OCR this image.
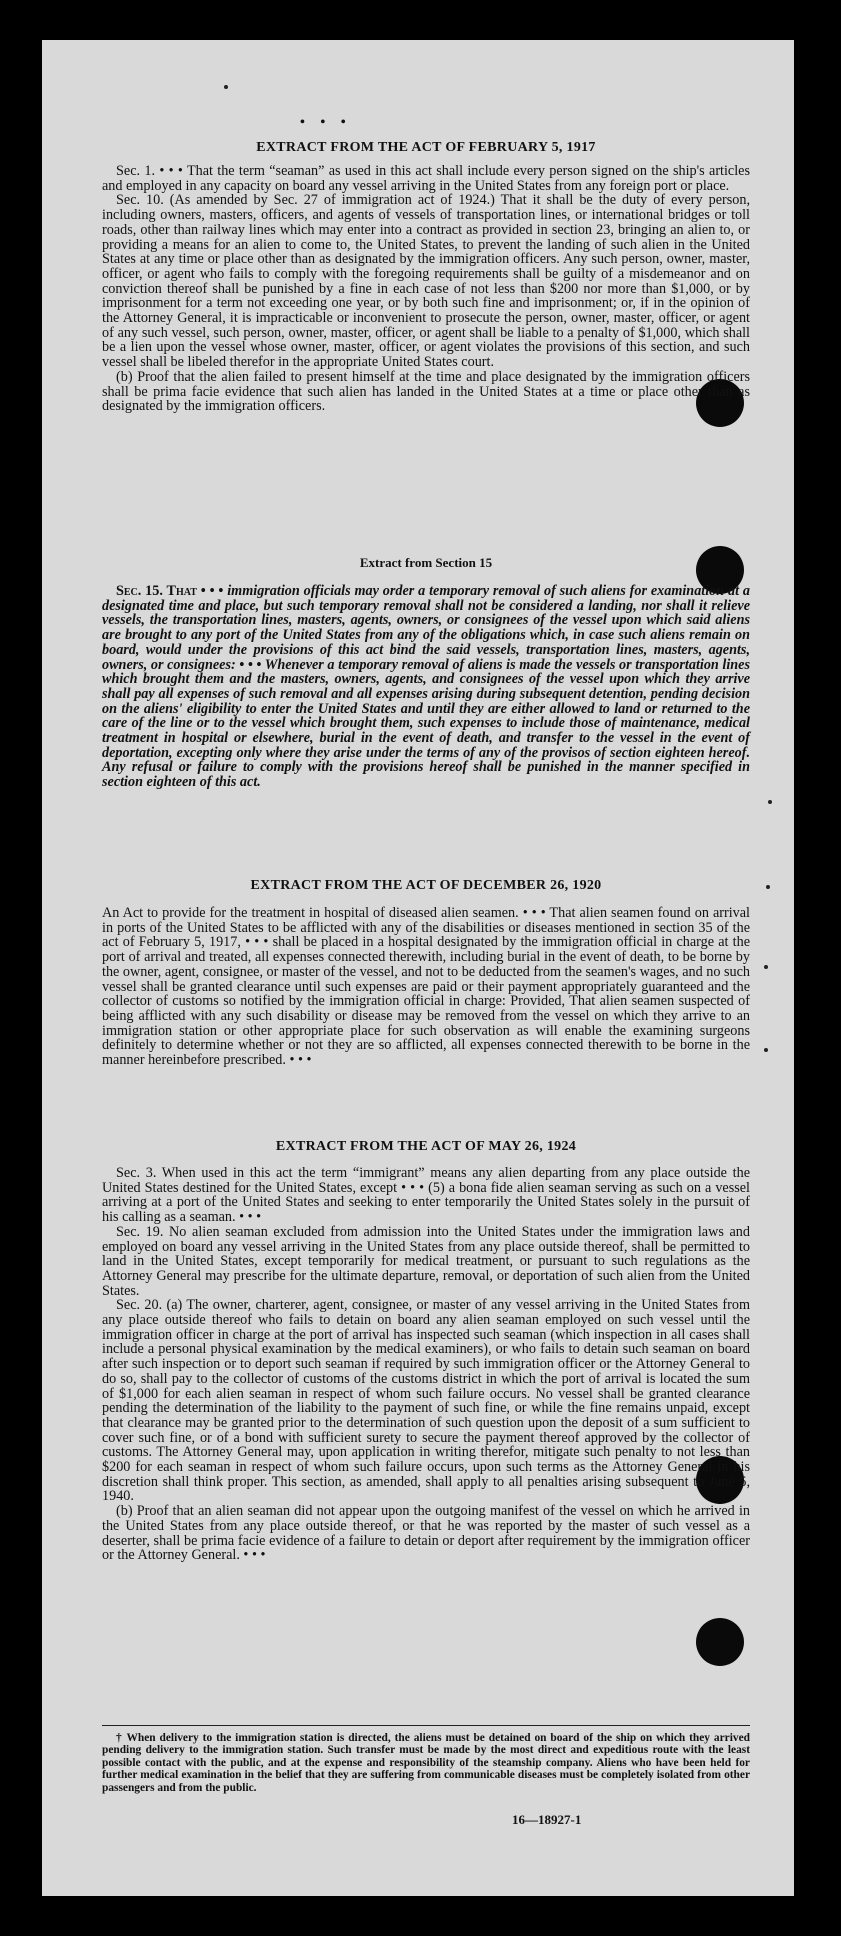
• • •
EXTRACT FROM THE ACT OF FEBRUARY 5, 1917

Sec. 1. • • • That the term “seaman” as used in this act shall include every person signed on the ship's articles and employed in any capacity on board any vessel arriving in the United States from any foreign port or place.

Sec. 10. (As amended by Sec. 27 of immigration act of 1924.) That it shall be the duty of every person, including owners, masters, officers, and agents of vessels of transportation lines, or international bridges or toll roads, other than railway lines which may enter into a contract as provided in section 23, bringing an alien to, or providing a means for an alien to come to, the United States, to prevent the landing of such alien in the United States at any time or place other than as designated by the immigration officers. Any such person, owner, master, officer, or agent who fails to comply with the foregoing requirements shall be guilty of a misdemeanor and on conviction thereof shall be punished by a fine in each case of not less than $200 nor more than $1,000, or by imprisonment for a term not exceeding one year, or by both such fine and imprisonment; or, if in the opinion of the Attorney General, it is impracticable or inconvenient to prosecute the person, owner, master, officer, or agent of any such vessel, such person, owner, master, officer, or agent shall be liable to a penalty of $1,000, which shall be a lien upon the vessel whose owner, master, officer, or agent violates the provisions of this section, and such vessel shall be libeled therefor in the appropriate United States court.

(b) Proof that the alien failed to present himself at the time and place designated by the immigration officers shall be prima facie evidence that such alien has landed in the United States at a time or place other than as designated by the immigration officers.

Extract from Section 15

Sec. 15. That • • • immigration officials may order a temporary removal of such aliens for examination at a designated time and place, but such temporary removal shall not be considered a landing, nor shall it relieve vessels, the transportation lines, masters, agents, owners, or consignees of the vessel upon which said aliens are brought to any port of the United States from any of the obligations which, in case such aliens remain on board, would under the provisions of this act bind the said vessels, transportation lines, masters, agents, owners, or consignees: • • • Whenever a temporary removal of aliens is made the vessels or transportation lines which brought them and the masters, owners, agents, and consignees of the vessel upon which they arrive shall pay all expenses of such removal and all expenses arising during subsequent detention, pending decision on the aliens' eligibility to enter the United States and until they are either allowed to land or returned to the care of the line or to the vessel which brought them, such expenses to include those of maintenance, medical treatment in hospital or elsewhere, burial in the event of death, and transfer to the vessel in the event of deportation, excepting only where they arise under the terms of any of the provisos of section eighteen hereof. Any refusal or failure to comply with the provisions hereof shall be punished in the manner specified in section eighteen of this act.

EXTRACT FROM THE ACT OF DECEMBER 26, 1920

An Act to provide for the treatment in hospital of diseased alien seamen. • • • That alien seamen found on arrival in ports of the United States to be afflicted with any of the disabilities or diseases mentioned in section 35 of the act of February 5, 1917, • • • shall be placed in a hospital designated by the immigration official in charge at the port of arrival and treated, all expenses connected therewith, including burial in the event of death, to be borne by the owner, agent, consignee, or master of the vessel, and not to be deducted from the seamen's wages, and no such vessel shall be granted clearance until such expenses are paid or their payment appropriately guaranteed and the collector of customs so notified by the immigration official in charge: Provided, That alien seamen suspected of being afflicted with any such disability or disease may be removed from the vessel on which they arrive to an immigration station or other appropriate place for such observation as will enable the examining surgeons definitely to determine whether or not they are so afflicted, all expenses connected therewith to be borne in the manner hereinbefore prescribed. • • •

EXTRACT FROM THE ACT OF MAY 26, 1924

Sec. 3. When used in this act the term “immigrant” means any alien departing from any place outside the United States destined for the United States, except • • • (5) a bona fide alien seaman serving as such on a vessel arriving at a port of the United States and seeking to enter temporarily the United States solely in the pursuit of his calling as a seaman. • • •

Sec. 19. No alien seaman excluded from admission into the United States under the immigration laws and employed on board any vessel arriving in the United States from any place outside thereof, shall be permitted to land in the United States, except temporarily for medical treatment, or pursuant to such regulations as the Attorney General may prescribe for the ultimate departure, removal, or deportation of such alien from the United States.

Sec. 20. (a) The owner, charterer, agent, consignee, or master of any vessel arriving in the United States from any place outside thereof who fails to detain on board any alien seaman employed on such vessel until the immigration officer in charge at the port of arrival has inspected such seaman (which inspection in all cases shall include a personal physical examination by the medical examiners), or who fails to detain such seaman on board after such inspection or to deport such seaman if required by such immigration officer or the Attorney General to do so, shall pay to the collector of customs of the customs district in which the port of arrival is located the sum of $1,000 for each alien seaman in respect of whom such failure occurs. No vessel shall be granted clearance pending the determination of the liability to the payment of such fine, or while the fine remains unpaid, except that clearance may be granted prior to the determination of such question upon the deposit of a sum sufficient to cover such fine, or of a bond with sufficient surety to secure the payment thereof approved by the collector of customs. The Attorney General may, upon application in writing therefor, mitigate such penalty to not less than $200 for each seaman in respect of whom such failure occurs, upon such terms as the Attorney General in his discretion shall think proper. This section, as amended, shall apply to all penalties arising subsequent to June 5, 1940.

(b) Proof that an alien seaman did not appear upon the outgoing manifest of the vessel on which he arrived in the United States from any place outside thereof, or that he was reported by the master of such vessel as a deserter, shall be prima facie evidence of a failure to detain or deport after requirement by the immigration officer or the Attorney General. • • •

† When delivery to the immigration station is directed, the aliens must be detained on board of the ship on which they arrived pending delivery to the immigration station. Such transfer must be made by the most direct and expeditious route with the least possible contact with the public, and at the expense and responsibility of the steamship company. Aliens who have been held for further medical examination in the belief that they are suffering from communicable diseases must be completely isolated from other passengers and from the public.

16—18927-1
